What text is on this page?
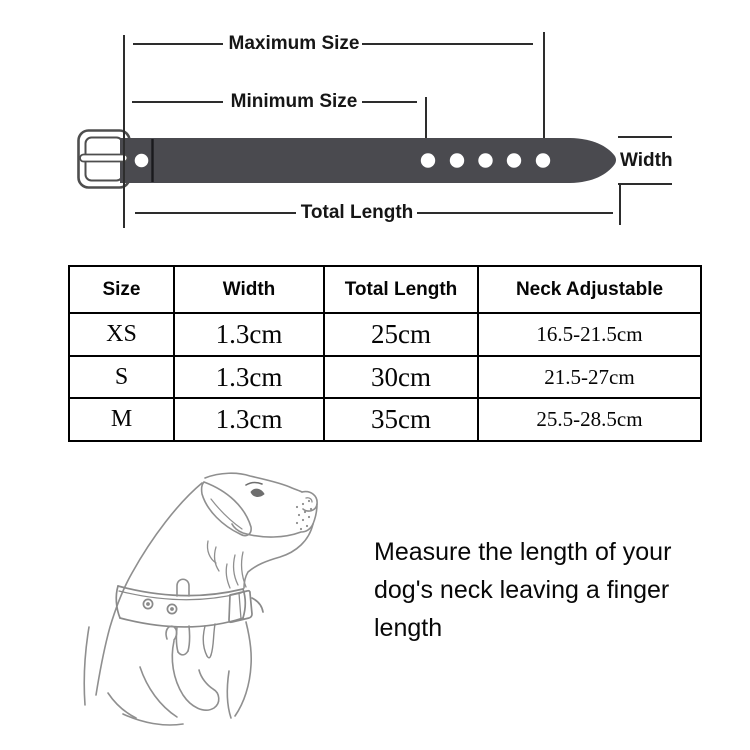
Maximum Size
Minimum Size
Width
Total Length
Size	Width	Total Length	Neck Adjustable
XS	1.3cm	25cm	16.5-21.5cm
S	1.3cm	30cm	21.5-27cm
M	1.3cm	35cm	25.5-28.5cm
Measure the length of your
dog's neck leaving a finger
length
